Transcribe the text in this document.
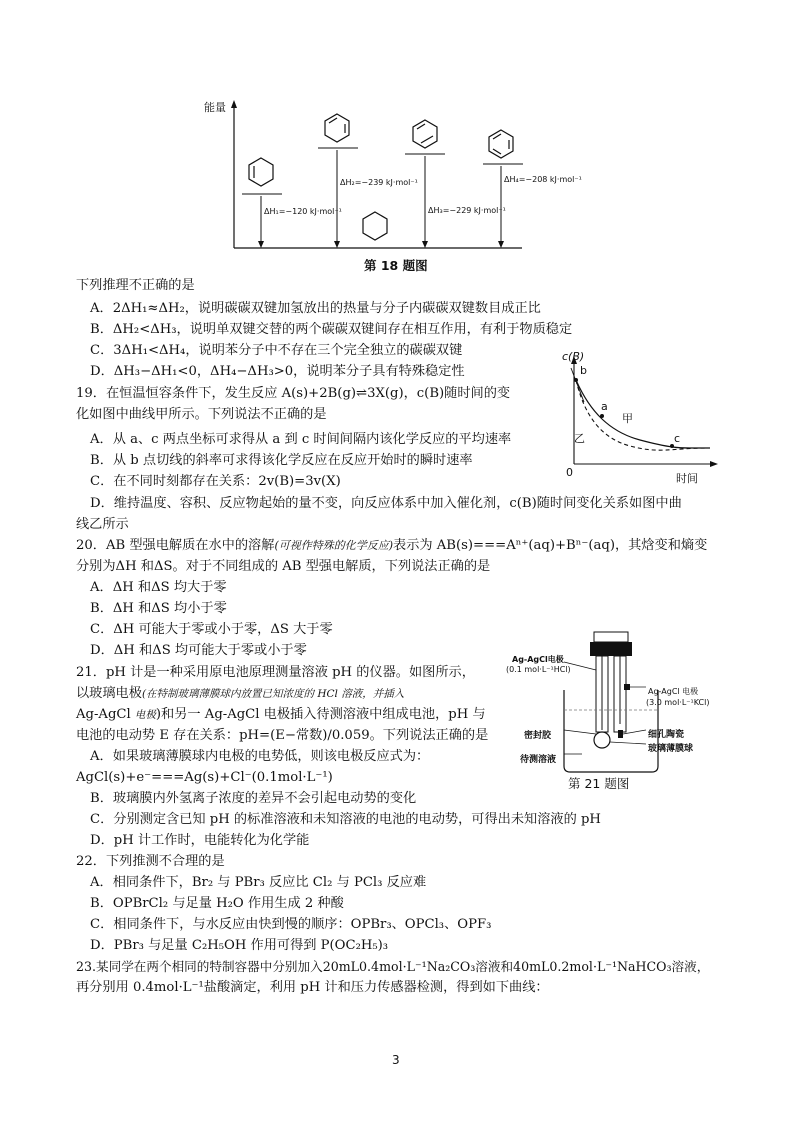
能量
ΔH₁=−120 kJ·mol⁻¹
ΔH₂=−239 kJ·mol⁻¹
ΔH₃=−229 kJ·mol⁻¹
ΔH₄=−208 kJ·mol⁻¹
第 18 题图
下列推理不正确的是
A．2ΔH₁≈ΔH₂，说明碳碳双键加氢放出的热量与分子内碳碳双键数目成正比
B．ΔH₂<ΔH₃，说明单双键交替的两个碳碳双键间存在相互作用，有利于物质稳定
C．3ΔH₁<ΔH₄，说明苯分子中不存在三个完全独立的碳碳双键
D．ΔH₃−ΔH₁<0，ΔH₄−ΔH₃>0，说明苯分子具有特殊稳定性
c(B)
时间
0
b
a
c
甲
乙
19．在恒温恒容条件下，发生反应 A(s)+2B(g)⇌3X(g)，c(B)随时间的变
化如图中曲线甲所示。下列说法不正确的是
A．从 a、c 两点坐标可求得从 a 到 c 时间间隔内该化学反应的平均速率
B．从 b 点切线的斜率可求得该化学反应在反应开始时的瞬时速率
C．在不同时刻都存在关系：2v(B)=3v(X)
D．维持温度、容积、反应物起始的量不变，向反应体系中加入催化剂，c(B)随时间变化关系如图中曲
线乙所示
20．AB 型强电解质在水中的溶解(可视作特殊的化学反应)表示为 AB(s)===Aⁿ⁺(aq)+Bⁿ⁻(aq)，其焓变和熵变
分别为ΔH 和ΔS。对于不同组成的 AB 型强电解质，下列说法正确的是
A．ΔH 和ΔS 均大于零
B．ΔH 和ΔS 均小于零
C．ΔH 可能大于零或小于零，ΔS 大于零
D．ΔH 和ΔS 均可能大于零或小于零
Ag-AgCl电极
(0.1 mol·L⁻¹HCl)
Ag-AgCl 电极
(3.0 mol·L⁻¹KCl)
密封胶	细孔陶瓷
玻璃薄膜球
待测溶液
第 21 题图
21．pH 计是一种采用原电池原理测量溶液 pH 的仪器。如图所示，
以玻璃电极(在特制玻璃薄膜球内放置已知浓度的 HCl 溶液，并插入
Ag-AgCl 电极)和另一 Ag-AgCl 电极插入待测溶液中组成电池，pH 与
电池的电动势 E 存在关系：pH=(E−常数)/0.059。下列说法正确的是
A．如果玻璃薄膜球内电极的电势低，则该电极反应式为：
AgCl(s)+e⁻===Ag(s)+Cl⁻(0.1mol·L⁻¹)
B．玻璃膜内外氢离子浓度的差异不会引起电动势的变化
C．分别测定含已知 pH 的标准溶液和未知溶液的电池的电动势，可得出未知溶液的 pH
D．pH 计工作时，电能转化为化学能
22．下列推测不合理的是
A．相同条件下，Br₂ 与 PBr₃ 反应比 Cl₂ 与 PCl₃ 反应难
B．OPBrCl₂ 与足量 H₂O 作用生成 2 种酸
C．相同条件下，与水反应由快到慢的顺序：OPBr₃、OPCl₃、OPF₃
D．PBr₃ 与足量 C₂H₅OH 作用可得到 P(OC₂H₅)₃
23.某同学在两个相同的特制容器中分别加入20mL0.4mol·L⁻¹Na₂CO₃溶液和40mL0.2mol·L⁻¹NaHCO₃溶液，
再分别用 0.4mol·L⁻¹盐酸滴定，利用 pH 计和压力传感器检测，得到如下曲线：
3
